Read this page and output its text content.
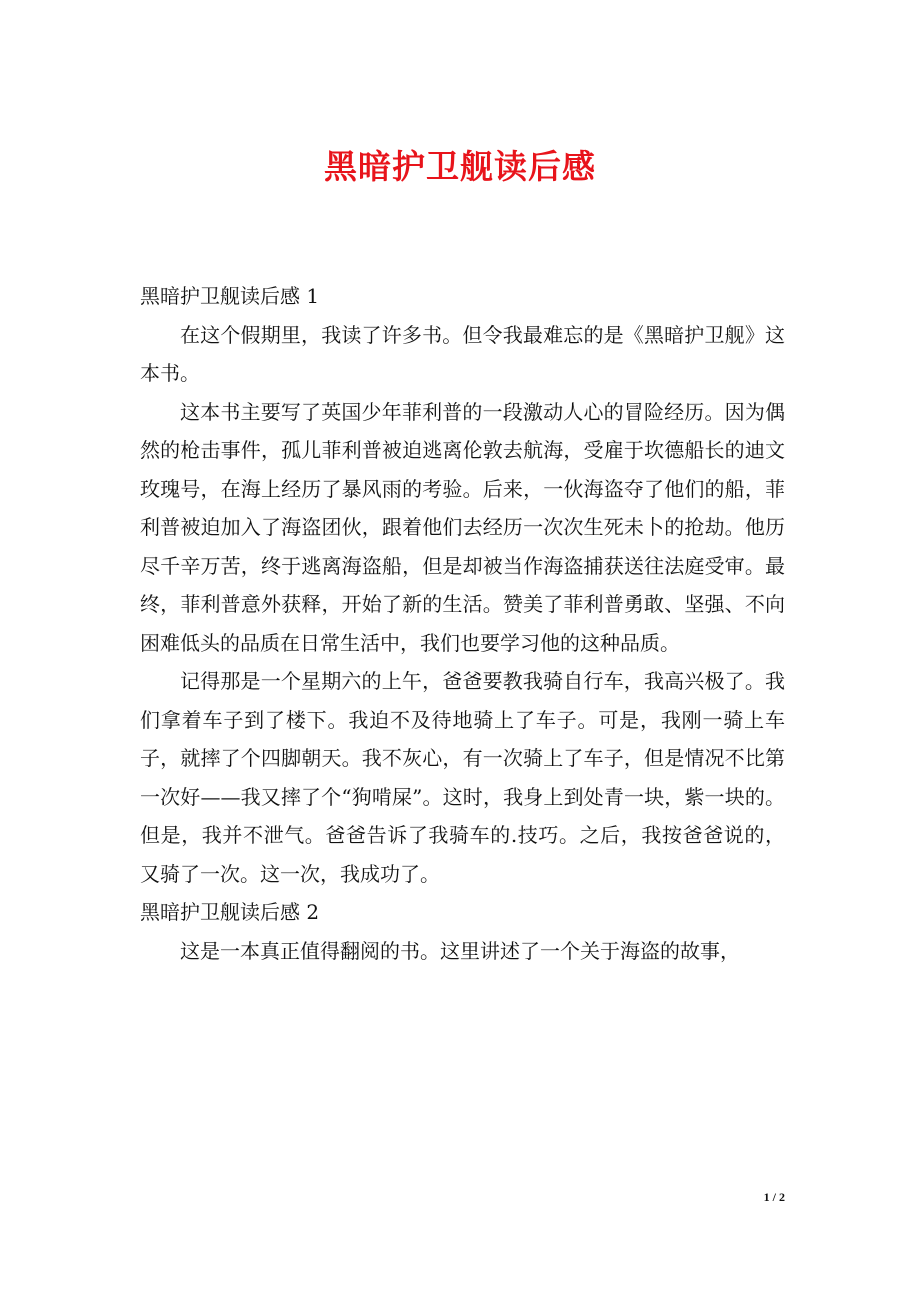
黑暗护卫舰读后感

黑暗护卫舰读后感 1

在这个假期里，我读了许多书。但令我最难忘的是《黑暗护卫舰》这本书。

这本书主要写了英国少年菲利普的一段激动人心的冒险经历。因为偶然的枪击事件，孤儿菲利普被迫逃离伦敦去航海，受雇于坎德船长的迪文玫瑰号，在海上经历了暴风雨的考验。后来，一伙海盗夺了他们的船，菲利普被迫加入了海盗团伙，跟着他们去经历一次次生死未卜的抢劫。他历尽千辛万苦，终于逃离海盗船，但是却被当作海盗捕获送往法庭受审。最终，菲利普意外获释，开始了新的生活。赞美了菲利普勇敢、坚强、不向困难低头的品质在日常生活中，我们也要学习他的这种品质。

记得那是一个星期六的上午，爸爸要教我骑自行车，我高兴极了。我们拿着车子到了楼下。我迫不及待地骑上了车子。可是，我刚一骑上车子，就摔了个四脚朝天。我不灰心，有一次骑上了车子，但是情况不比第一次好——我又摔了个“狗啃屎”。这时，我身上到处青一块，紫一块的。但是，我并不泄气。爸爸告诉了我骑车的.技巧。之后，我按爸爸说的，又骑了一次。这一次，我成功了。

黑暗护卫舰读后感 2

这是一本真正值得翻阅的书。这里讲述了一个关于海盗的故事，

1 / 2
